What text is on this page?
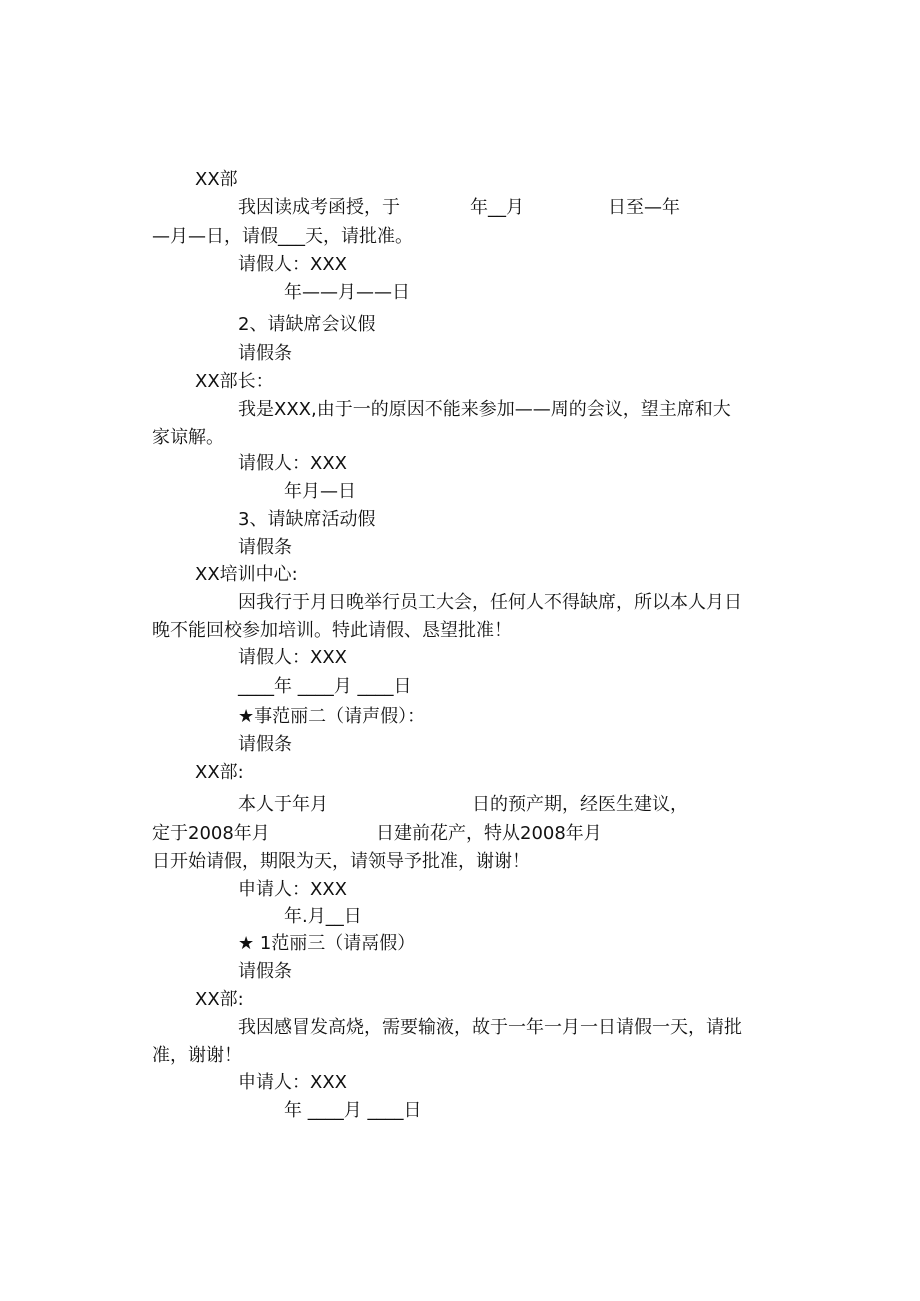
XX部

我因读成考函授，于	年__月	日至—年

—月—日，请假___天，请批准。

请假人：XXX

年——月——日

2、请缺席会议假

请假条

XX部长：

我是XXX,由于一的原因不能来参加——周的会议，望主席和大

家谅解。

请假人：XXX

年月—日

3、请缺席活动假

请假条

XX培训中心:

因我行于月日晚举行员工大会，任何人不得缺席，所以本人月日

晚不能回校参加培训。特此请假、恳望批准！

请假人：XXX

____年 ____月 ____日

★事范丽二（请声假）：

请假条

XX部:

本人于年月	日的预产期，经医生建议，

定于2008年月	日建前花产，特从2008年月

日开始请假，期限为天，请领导予批准，谢谢！

申请人：XXX

年.月__日

★ 1范丽三（请鬲假）

请假条

XX部:

我因感冒发高烧，需要输液，故于一年一月一日请假一天，请批

准，谢谢！

申请人：XXX

年 ____月 ____日
